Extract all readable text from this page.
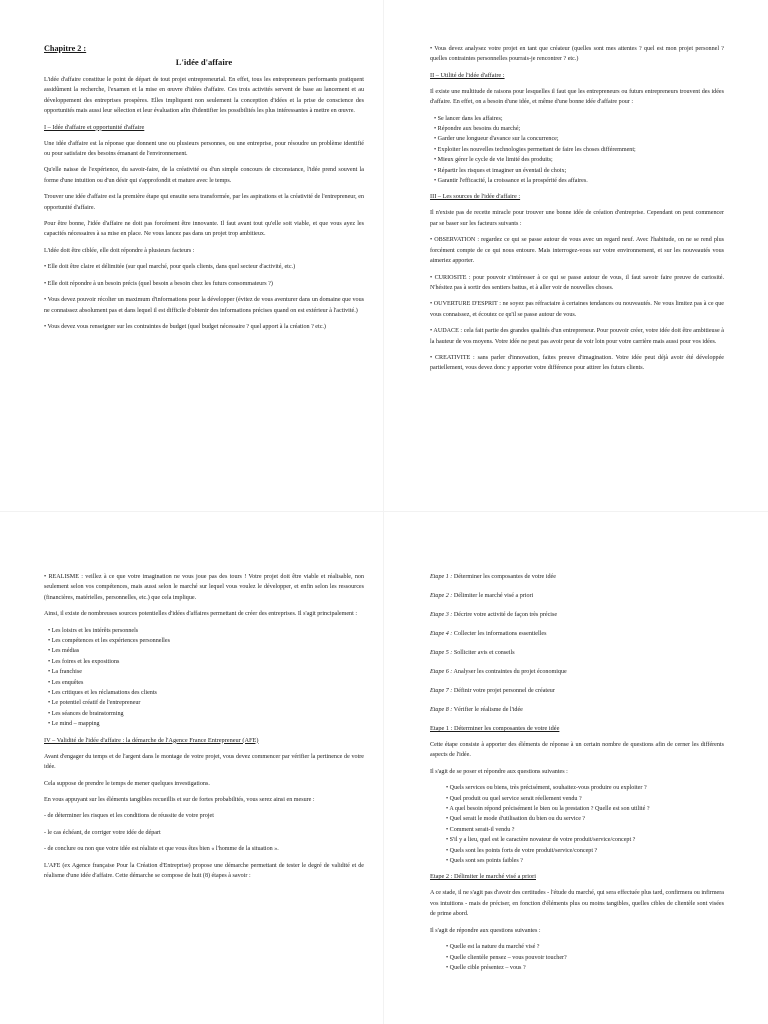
Chapitre 2 :
L'idée d'affaire

L'idée d'affaire constitue le point de départ de tout projet entrepreneurial. En effet, tous les entrepreneurs performants pratiquent assidûment la recherche, l'examen et la mise en œuvre d'idées d'affaire. Ces trois activités servent de base au lancement et au développement des entreprises prospères. Elles impliquent non seulement la conception d'idées et la prise de conscience des opportunités mais aussi leur sélection et leur évaluation afin d'identifier les possibilités les plus intéressantes à mettre en œuvre.

I – Idée d'affaire et opportunité d'affaire

Une idée d'affaire est la réponse que donnent une ou plusieurs personnes, ou une entreprise, pour résoudre un problème identifié ou pour satisfaire des besoins émanant de l'environnement.

Qu'elle naisse de l'expérience, du savoir-faire, de la créativité ou d'un simple concours de circonstance, l'idée prend souvent la forme d'une intuition ou d'un désir qui s'approfondit et mature avec le temps.

Trouver une idée d'affaire est la première étape qui ensuite sera transformée, par les aspirations et la créativité de l'entrepreneur, en opportunité d'affaire.

Pour être bonne, l'idée d'affaire ne doit pas forcément être innovante. Il faut avant tout qu'elle soit viable, et que vous ayez les capacités nécessaires à sa mise en place. Ne vous lancez pas dans un projet trop ambitieux.

L'idée doit être ciblée, elle doit répondre à plusieurs facteurs :

• Elle doit être claire et délimitée (sur quel marché, pour quels clients, dans quel secteur d'activité, etc.)

• Elle doit répondre à un besoin précis (quel besoin a besoin chez les futurs consommateurs ?)

• Vous devez pouvoir récolter un maximum d'informations pour la développer (évitez de vous aventurer dans un domaine que vous ne connaissez absolument pas et dans lequel il est difficile d'obtenir des informations précises quand on est extérieur à l'activité.)

• Vous devez vous renseigner sur les contraintes de budget (quel budget nécessaire ? quel apport à la création ? etc.)

• Vous devez analysez votre projet en tant que créateur (quelles sont mes attentes ? quel est mon projet personnel ? quelles contraintes personnelles pourrais-je rencontrer ? etc.)

II – Utilité de l'idée d'affaire :

Il existe une multitude de raisons pour lesquelles il faut que les entrepreneurs ou futurs entrepreneurs trouvent des idées d'affaire. En effet, on a besoin d'une idée, et même d'une bonne idée d'affaire pour :

• Se lancer dans les affaires;
• Répondre aux besoins du marché;
• Garder une longueur d'avance sur la concurrence;
• Exploiter les nouvelles technologies permettant de faire les choses différemment;
• Mieux gérer le cycle de vie limité des produits;
• Répartir les risques et imaginer un éventail de choix;
• Garantir l'efficacité, la croissance et la prospérité des affaires.
III – Les sources de l'idée d'affaire :

Il n'existe pas de recette miracle pour trouver une bonne idée de création d'entreprise. Cependant on peut commencer par se baser sur les facteurs suivants :

• OBSERVATION : regardez ce qui se passe autour de vous avec un regard neuf. Avec l'habitude, on ne se rend plus forcément compte de ce qui nous entoure. Mais interrogez-vous sur votre environnement, et sur les nouveautés vous aimeriez apporter.

• CURIOSITE : pour pouvoir s'intéresser à ce qui se passe autour de vous, il faut savoir faire preuve de curiosité. N'hésitez pas à sortir des sentiers battus, et à aller voir de nouvelles choses.

• OUVERTURE D'ESPRIT : ne soyez pas réfractaire à certaines tendances ou nouveautés. Ne vous limitez pas à ce que vous connaissez, et écoutez ce qu'il se passe autour de vous.

• AUDACE : cela fait partie des grandes qualités d'un entrepreneur. Pour pouvoir créer, votre idée doit être ambitieuse à la hauteur de vos moyens. Votre idée ne peut pas avoir peur de voir loin pour votre carrière mais aussi pour vos idées.

• CREATIVITE : sans parler d'innovation, faites preuve d'imagination. Votre idée peut déjà avoir été développée partiellement, vous devez donc y apporter votre différence pour attirer les futurs clients.

• REALISME : veillez à ce que votre imagination ne vous joue pas des tours ! Votre projet doit être viable et réalisable, non seulement selon vos compétences, mais aussi selon le marché sur lequel vous voulez le développer, et enfin selon les ressources (financières, matérielles, personnelles, etc.) que cela implique.

Ainsi, il existe de nombreuses sources potentielles d'idées d'affaires permettant de créer des entreprises. Il s'agit principalement :

• Les loisirs et les intérêts personnels
• Les compétences et les expériences personnelles
• Les médias
• Les foires et les expositions
• La franchise
• Les enquêtes
• Les critiques et les réclamations des clients
• Le potentiel créatif de l'entrepreneur
• Les séances de brainstorming
• Le mind – mapping
IV – Validité de l'idée d'affaire : la démarche de l'Agence France Entrepreneur (AFE)

Avant d'engager du temps et de l'argent dans le montage de votre projet, vous devez commencer par vérifier la pertinence de votre idée.

Cela suppose de prendre le temps de mener quelques investigations.

En vous appuyant sur les éléments tangibles recueillis et sur de fortes probabilités, vous serez ainsi en mesure :

- de déterminer les risques et les conditions de réussite de votre projet

- le cas échéant, de corriger votre idée de départ

- de conclure ou non que votre idée est réaliste et que vous êtes bien « l'homme de la situation ».

L'AFE (ex Agence française Pour la Création d'Entreprise) propose une démarche permettant de tester le degré de validité et de réalisme d'une idée d'affaire. Cette démarche se compose de huit (8) étapes à savoir :

Etape 1 : Déterminer les composantes de votre idée
Etape 2 : Délimiter le marché visé a priori
Etape 3 : Décrire votre activité de façon très précise
Etape 4 : Collecter les informations essentielles
Etape 5 : Solliciter avis et conseils
Etape 6 : Analyser les contraintes du projet économique
Etape 7 : Définir votre projet personnel de créateur
Etape 8 : Vérifier le réalisme de l'idée
Etape 1 : Déterminer les composantes de votre idée

Cette étape consiste à apporter des éléments de réponse à un certain nombre de questions afin de cerner les différents aspects de l'idée.

Il s'agit de se poser et répondre aux questions suivantes :

• Quels services ou biens, très précisément, souhaitez-vous produire ou exploiter ?
• Quel produit ou quel service serait réellement vendu ?
• A quel besoin répond précisément le bien ou la prestation ? Quelle est son utilité ?
• Quel serait le mode d'utilisation du bien ou du service ?
• Comment serait-il vendu ?
• S'il y a lieu, quel est le caractère novateur de votre produit/service/concept ?
• Quels sont les points forts de votre produit/service/concept ?
• Quels sont ses points faibles ?
Etape 2 : Délimiter le marché visé a priori

A ce stade, il ne s'agit pas d'avoir des certitudes - l'étude du marché, qui sera effectuée plus tard, confirmera ou infirmera vos intuitions - mais de préciser, en fonction d'éléments plus ou moins tangibles, quelles cibles de clientèle sont visées de prime abord.

Il s'agit de répondre aux questions suivantes :

• Quelle est la nature du marché visé ?
• Quelle clientèle pensez – vous pouvoir toucher?
• Quelle cible présentez – vous ?
